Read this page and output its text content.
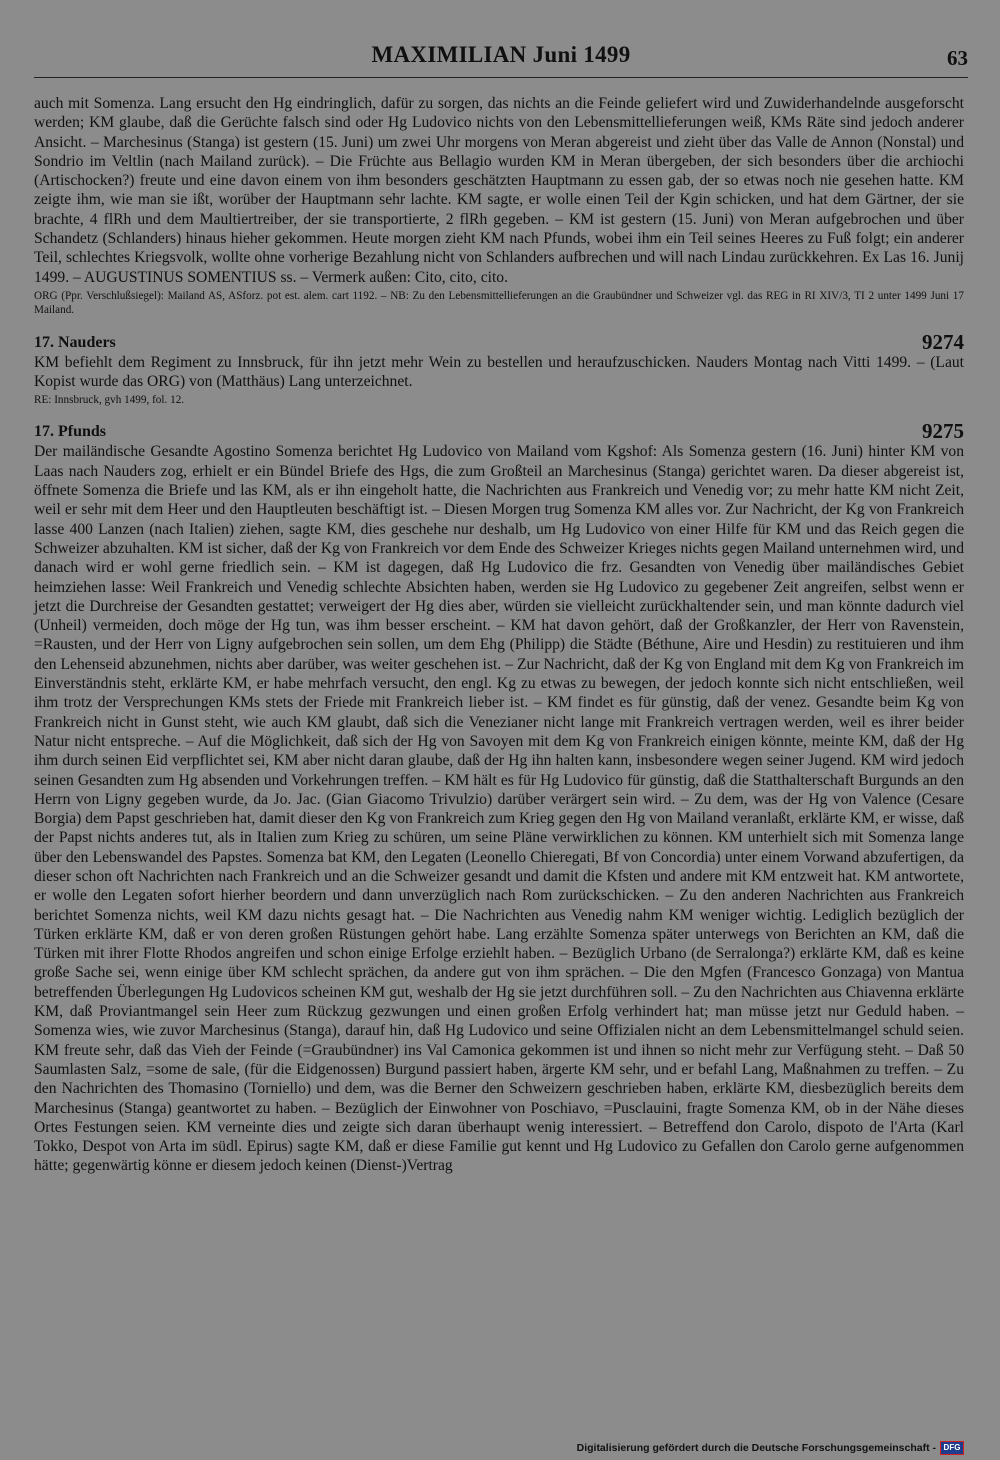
MAXIMILIAN Juni 1499	63

auch mit Somenza. Lang ersucht den Hg eindringlich, dafür zu sorgen, das nichts an die Feinde geliefert wird und Zuwiderhandelnde ausgeforscht werden; KM glaube, daß die Gerüchte falsch sind oder Hg Ludovico nichts von den Lebensmittellieferungen weiß, KMs Räte sind jedoch anderer Ansicht. – Marchesinus (Stanga) ist gestern (15. Juni) um zwei Uhr morgens von Meran abgereist und zieht über das Valle de Annon (Nonstal) und Sondrio im Veltlin (nach Mailand zurück). – Die Früchte aus Bellagio wurden KM in Meran übergeben, der sich besonders über die archiochi (Artischocken?) freute und eine davon einem von ihm besonders geschätzten Hauptmann zu essen gab, der so etwas noch nie gesehen hatte. KM zeigte ihm, wie man sie ißt, worüber der Hauptmann sehr lachte. KM sagte, er wolle einen Teil der Kgin schicken, und hat dem Gärtner, der sie brachte, 4 flRh und dem Maultiertreiber, der sie transportierte, 2 flRh gegeben. – KM ist gestern (15. Juni) von Meran aufgebrochen und über Schandetz (Schlanders) hinaus hieher gekommen. Heute morgen zieht KM nach Pfunds, wobei ihm ein Teil seines Heeres zu Fuß folgt; ein anderer Teil, schlechtes Kriegsvolk, wollte ohne vorherige Bezahlung nicht von Schlanders aufbrechen und will nach Lindau zurückkehren. Ex Las 16. Junij 1499. – AUGUSTINUS SOMENTIUS ss. – Vermerk außen: Cito, cito, cito.

ORG (Ppr. Verschlußsiegel): Mailand AS, ASforz. pot est. alem. cart 1192. – NB: Zu den Lebensmittellieferungen an die Graubündner und Schweizer vgl. das REG in RI XIV/3, TI 2 unter 1499 Juni 17 Mailand.

17. Nauders	9274

KM befiehlt dem Regiment zu Innsbruck, für ihn jetzt mehr Wein zu bestellen und heraufzuschicken. Nauders Montag nach Vitti 1499. – (Laut Kopist wurde das ORG) von (Matthäus) Lang unterzeichnet.

RE: Innsbruck, gvh 1499, fol. 12.

17. Pfunds	9275

Der mailändische Gesandte Agostino Somenza berichtet Hg Ludovico von Mailand vom Kgshof: Als Somenza gestern (16. Juni) hinter KM von Laas nach Nauders zog, erhielt er ein Bündel Briefe des Hgs, die zum Großteil an Marchesinus (Stanga) gerichtet waren. Da dieser abgereist ist, öffnete Somenza die Briefe und las KM, als er ihn eingeholt hatte, die Nachrichten aus Frankreich und Venedig vor; zu mehr hatte KM nicht Zeit, weil er sehr mit dem Heer und den Hauptleuten beschäftigt ist. – Diesen Morgen trug Somenza KM alles vor. Zur Nachricht, der Kg von Frankreich lasse 400 Lanzen (nach Italien) ziehen, sagte KM, dies geschehe nur deshalb, um Hg Ludovico von einer Hilfe für KM und das Reich gegen die Schweizer abzuhalten. KM ist sicher, daß der Kg von Frankreich vor dem Ende des Schweizer Krieges nichts gegen Mailand unternehmen wird, und danach wird er wohl gerne friedlich sein. – KM ist dagegen, daß Hg Ludovico die frz. Gesandten von Venedig über mailändisches Gebiet heimziehen lasse: Weil Frankreich und Venedig schlechte Absichten haben, werden sie Hg Ludovico zu gegebener Zeit angreifen, selbst wenn er jetzt die Durchreise der Gesandten gestattet; verweigert der Hg dies aber, würden sie vielleicht zurückhaltender sein, und man könnte dadurch viel (Unheil) vermeiden, doch möge der Hg tun, was ihm besser erscheint. – KM hat davon gehört, daß der Großkanzler, der Herr von Ravenstein, =Rausten, und der Herr von Ligny aufgebrochen sein sollen, um dem Ehg (Philipp) die Städte (Béthune, Aire und Hesdin) zu restituieren und ihm den Lehenseid abzunehmen, nichts aber darüber, was weiter geschehen ist. – Zur Nachricht, daß der Kg von England mit dem Kg von Frankreich im Einverständnis steht, erklärte KM, er habe mehrfach versucht, den engl. Kg zu etwas zu bewegen, der jedoch konnte sich nicht entschließen, weil ihm trotz der Versprechungen KMs stets der Friede mit Frankreich lieber ist. – KM findet es für günstig, daß der venez. Gesandte beim Kg von Frankreich nicht in Gunst steht, wie auch KM glaubt, daß sich die Venezianer nicht lange mit Frankreich vertragen werden, weil es ihrer beider Natur nicht entspreche. – Auf die Möglichkeit, daß sich der Hg von Savoyen mit dem Kg von Frankreich einigen könnte, meinte KM, daß der Hg ihm durch seinen Eid verpflichtet sei, KM aber nicht daran glaube, daß der Hg ihn halten kann, insbesondere wegen seiner Jugend. KM wird jedoch seinen Gesandten zum Hg absenden und Vorkehrungen treffen. – KM hält es für Hg Ludovico für günstig, daß die Statthalterschaft Burgunds an den Herrn von Ligny gegeben wurde, da Jo. Jac. (Gian Giacomo Trivulzio) darüber verärgert sein wird. – Zu dem, was der Hg von Valence (Cesare Borgia) dem Papst geschrieben hat, damit dieser den Kg von Frankreich zum Krieg gegen den Hg von Mailand veranlaßt, erklärte KM, er wisse, daß der Papst nichts anderes tut, als in Italien zum Krieg zu schüren, um seine Pläne verwirklichen zu können. KM unterhielt sich mit Somenza lange über den Lebenswandel des Papstes. Somenza bat KM, den Legaten (Leonello Chieregati, Bf von Concordia) unter einem Vorwand abzufertigen, da dieser schon oft Nachrichten nach Frankreich und an die Schweizer gesandt und damit die Kfsten und andere mit KM entzweit hat. KM antwortete, er wolle den Legaten sofort hierher beordern und dann unverzüglich nach Rom zurückschicken. – Zu den anderen Nachrichten aus Frankreich berichtet Somenza nichts, weil KM dazu nichts gesagt hat. – Die Nachrichten aus Venedig nahm KM weniger wichtig. Lediglich bezüglich der Türken erklärte KM, daß er von deren großen Rüstungen gehört habe. Lang erzählte Somenza später unterwegs von Berichten an KM, daß die Türken mit ihrer Flotte Rhodos angreifen und schon einige Erfolge erziehlt haben. – Bezüglich Urbano (de Serralonga?) erklärte KM, daß es keine große Sache sei, wenn einige über KM schlecht sprächen, da andere gut von ihm sprächen. – Die den Mgfen (Francesco Gonzaga) von Mantua betreffenden Überlegungen Hg Ludovicos scheinen KM gut, weshalb der Hg sie jetzt durchführen soll. – Zu den Nachrichten aus Chiavenna erklärte KM, daß Proviantmangel sein Heer zum Rückzug gezwungen und einen großen Erfolg verhindert hat; man müsse jetzt nur Geduld haben. – Somenza wies, wie zuvor Marchesinus (Stanga), darauf hin, daß Hg Ludovico und seine Offizialen nicht an dem Lebensmittelmangel schuld seien. KM freute sehr, daß das Vieh der Feinde (=Graubündner) ins Val Camonica gekommen ist und ihnen so nicht mehr zur Verfügung steht. – Daß 50 Saumlasten Salz, =some de sale, (für die Eidgenossen) Burgund passiert haben, ärgerte KM sehr, und er befahl Lang, Maßnahmen zu treffen. – Zu den Nachrichten des Thomasino (Torniello) und dem, was die Berner den Schweizern geschrieben haben, erklärte KM, diesbezüglich bereits dem Marchesinus (Stanga) geantwortet zu haben. – Bezüglich der Einwohner von Poschiavo, =Pusclauini, fragte Somenza KM, ob in der Nähe dieses Ortes Festungen seien. KM verneinte dies und zeigte sich daran überhaupt wenig interessiert. – Betreffend don Carolo, dispoto de l'Arta (Karl Tokko, Despot von Arta im südl. Epirus) sagte KM, daß er diese Familie gut kennt und Hg Ludovico zu Gefallen don Carolo gerne aufgenommen hätte; gegenwärtig könne er diesem jedoch keinen (Dienst-)Vertrag

Digitalisierung gefördert durch die Deutsche Forschungsgemeinschaft - DFG
